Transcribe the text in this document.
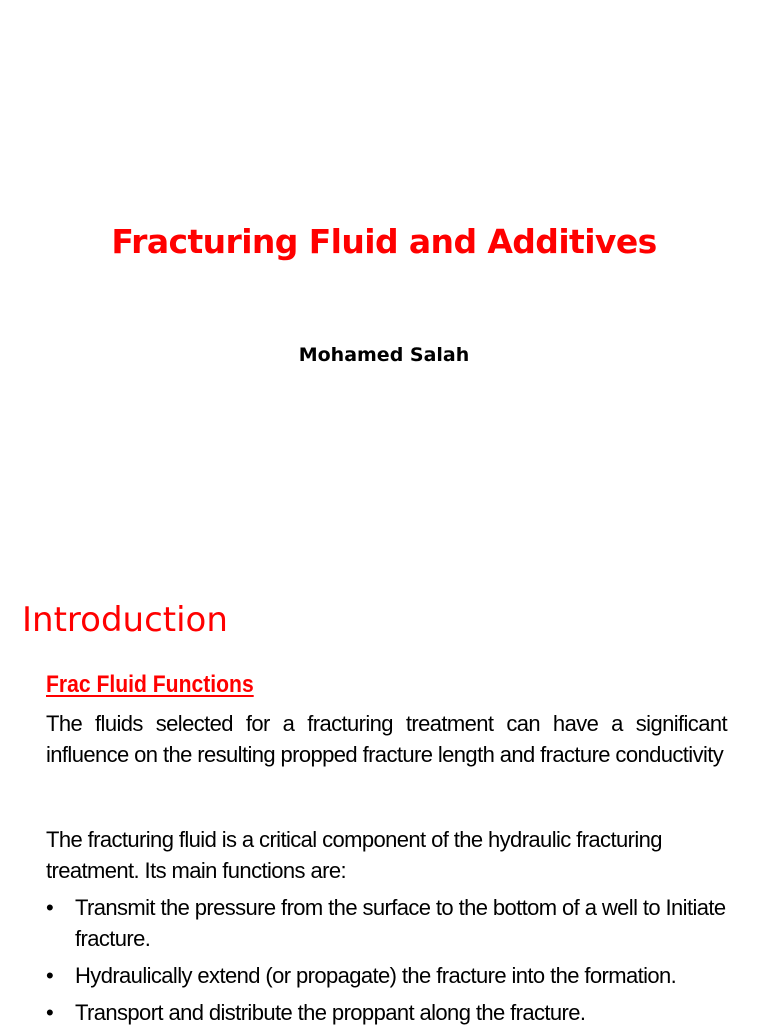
Fracturing Fluid and Additives

Mohamed Salah

Introduction
Frac Fluid Functions

The fluids selected for a fracturing treatment can have a significant influence on the resulting propped fracture length and fracture conductivity

The fracturing fluid is a critical component of the hydraulic fracturing treatment. Its main functions are:

• Transmit the pressure from the surface to the bottom of a well to Initiate fracture.
• Hydraulically extend (or propagate) the fracture into the formation.
• Transport and distribute the proppant along the fracture.
